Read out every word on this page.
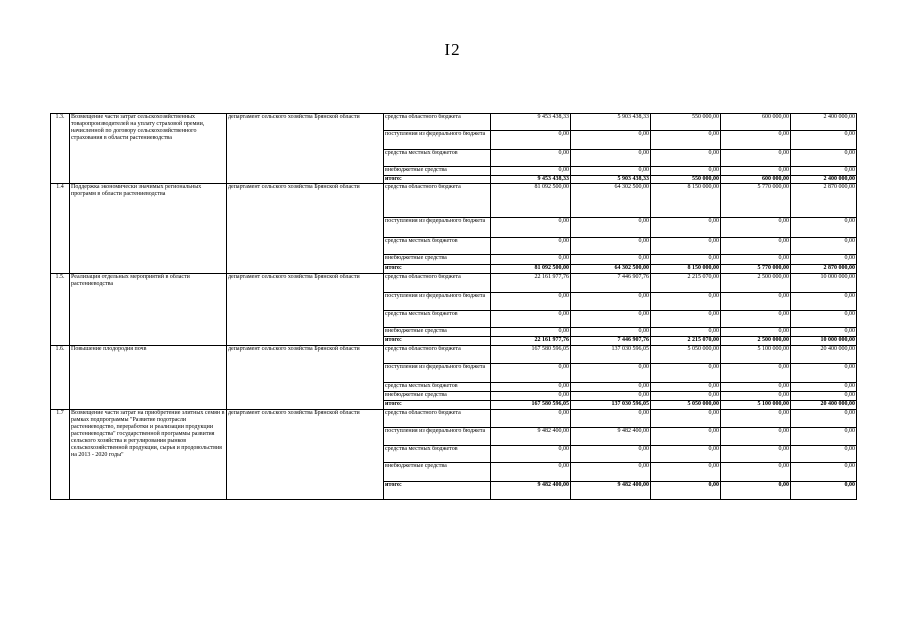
I2
1.3.	Возмещение части затрат сельскохозяйственных товаропроизводителей на уплату страховой премии, начисленной по договору сельскохозяйственного страхования в области растениеводства	департамент сельского хозяйства Брянской области	средства областного бюджета	9 453 438,33	5 903 438,33	550 000,00	600 000,00	2 400 000,00
			поступления из федерального бюджета	0,00	0,00	0,00	0,00	0,00
			средства местных бюджетов	0,00	0,00	0,00	0,00	0,00
			внебюджетные средства	0,00	0,00	0,00	0,00	0,00
			итого:	9 453 438,33	5 903 438,33	550 000,00	600 000,00	2 400 000,00
1.4	Поддержка экономически значимых региональных программ в области растениеводства	департамент сельского хозяйства Брянской области	средства областного бюджета	81 092 500,00	64 302 500,00	8 150 000,00	5 770 000,00	2 870 000,00
			поступления из федерального бюджета	0,00	0,00	0,00	0,00	0,00
			средства местных бюджетов	0,00	0,00	0,00	0,00	0,00
			внебюджетные средства	0,00	0,00	0,00	0,00	0,00
			итого:	81 092 500,00	64 302 500,00	8 150 000,00	5 770 000,00	2 870 000,00
1.5.	Реализация отдельных мероприятий в области растениеводства	департамент сельского хозяйства Брянской области	средства областного бюджета	22 161 977,76	7 446 907,76	2 215 070,00	2 500 000,00	10 000 000,00
			поступления из федерального бюджета	0,00	0,00	0,00	0,00	0,00
			средства местных бюджетов	0,00	0,00	0,00	0,00	0,00
			внебюджетные средства	0,00	0,00	0,00	0,00	0,00
			итого:	22 161 977,76	7 446 907,76	2 215 070,00	2 500 000,00	10 000 000,00
1.6.	Повышение плодородия почв	департамент сельского хозяйства Брянской области	средства областного бюджета	167 580 596,05	137 030 596,05	5 050 000,00	5 100 000,00	20 400 000,00
			поступления из федерального бюджета	0,00	0,00	0,00	0,00	0,00
			средства местных бюджетов	0,00	0,00	0,00	0,00	0,00
			внебюджетные средства	0,00	0,00	0,00	0,00	0,00
			итого:	167 580 596,05	137 030 596,05	5 050 000,00	5 100 000,00	20 400 000,00
1.7	Возмещение части затрат на приобретение элитных семян в рамках подпрограммы "Развитие подотрасли растениеводство, переработки и реализации продукции растениеводства" государственной программы развития сельского хозяйства и регулирования рынков сельскохозяйственной продукции, сырья и продовольствия на 2013 - 2020 годы"	департамент сельского хозяйства Брянской области	средства областного бюджета	0,00	0,00	0,00	0,00	0,00
			поступления из федерального бюджета	9 482 400,00	9 482 400,00	0,00	0,00	0,00
			средства местных бюджетов	0,00	0,00	0,00	0,00	0,00
			внебюджетные средства	0,00	0,00	0,00	0,00	0,00
			итого:	9 482 400,00	9 482 400,00	0,00	0,00	0,00
